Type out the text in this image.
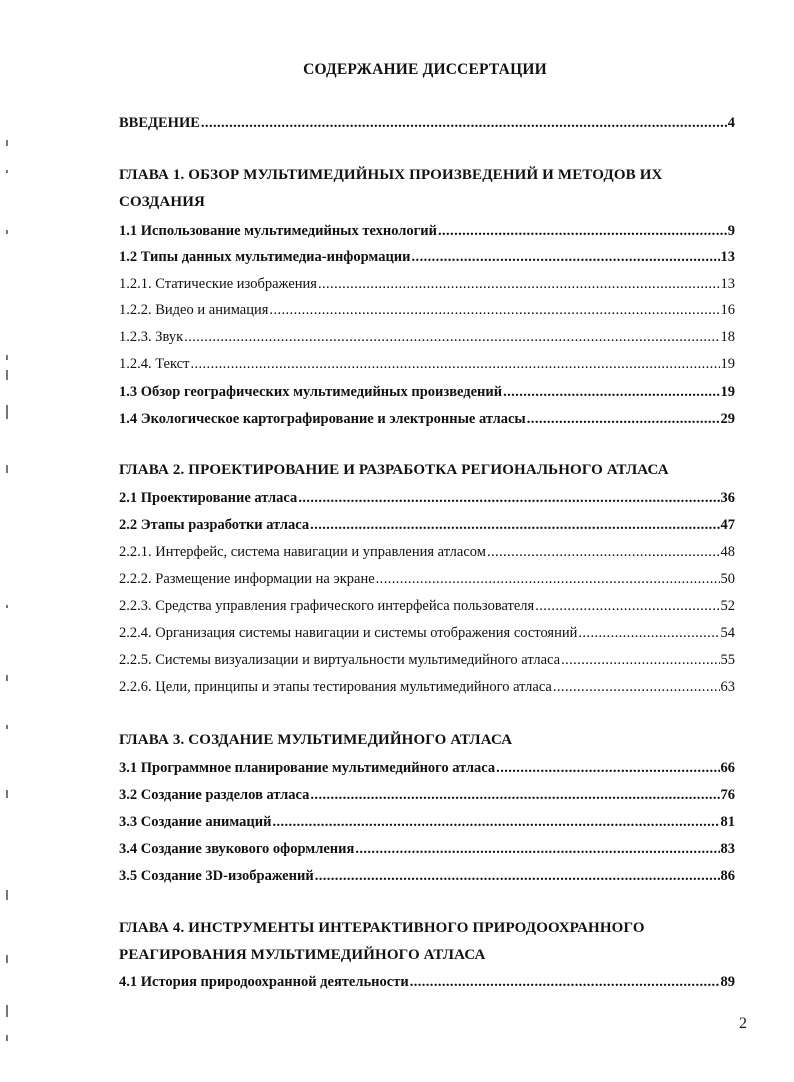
СОДЕРЖАНИЕ ДИССЕРТАЦИИ
ВВЕДЕНИЕ .....	4
ГЛАВА 1. ОБЗОР МУЛЬТИМЕДИЙНЫХ ПРОИЗВЕДЕНИЙ И МЕТОДОВ ИХ
СОЗДАНИЯ
1.1 Использование мультимедийных технологий .....	9
1.2 Типы данных мультимедиа-информации .....	13
1.2.1. Статические изображения .....	13
1.2.2. Видео и анимация .....	16
1.2.3. Звук .....	18
1.2.4. Текст .....	19
1.3 Обзор географических мультимедийных произведений .....	19
1.4 Экологическое картографирование и электронные атласы .....	29
ГЛАВА 2. ПРОЕКТИРОВАНИЕ И РАЗРАБОТКА РЕГИОНАЛЬНОГО АТЛАСА
2.1 Проектирование атласа .....	36
2.2 Этапы разработки атласа .....	47
2.2.1. Интерфейс, система навигации и управления атласом .....	48
2.2.2. Размещение информации на экране .....	50
2.2.3. Средства управления графического интерфейса пользователя .....	52
2.2.4. Организация системы навигации и системы отображения состояний .....	54
2.2.5. Системы визуализации и виртуальности мультимедийного атласа .....	55
2.2.6. Цели, принципы и этапы тестирования мультимедийного атласа .....	63
ГЛАВА 3. СОЗДАНИЕ МУЛЬТИМЕДИЙНОГО АТЛАСА
3.1 Программное планирование мультимедийного атласа .....	66
3.2 Создание разделов атласа .....	76
3.3 Создание анимаций .....	81
3.4 Создание звукового оформления .....	83
3.5 Создание 3D-изображений .....	86
ГЛАВА 4. ИНСТРУМЕНТЫ ИНТЕРАКТИВНОГО ПРИРОДООХРАННОГО
РЕАГИРОВАНИЯ МУЛЬТИМЕДИЙНОГО АТЛАСА
4.1 История природоохранной деятельности .....	89
2
